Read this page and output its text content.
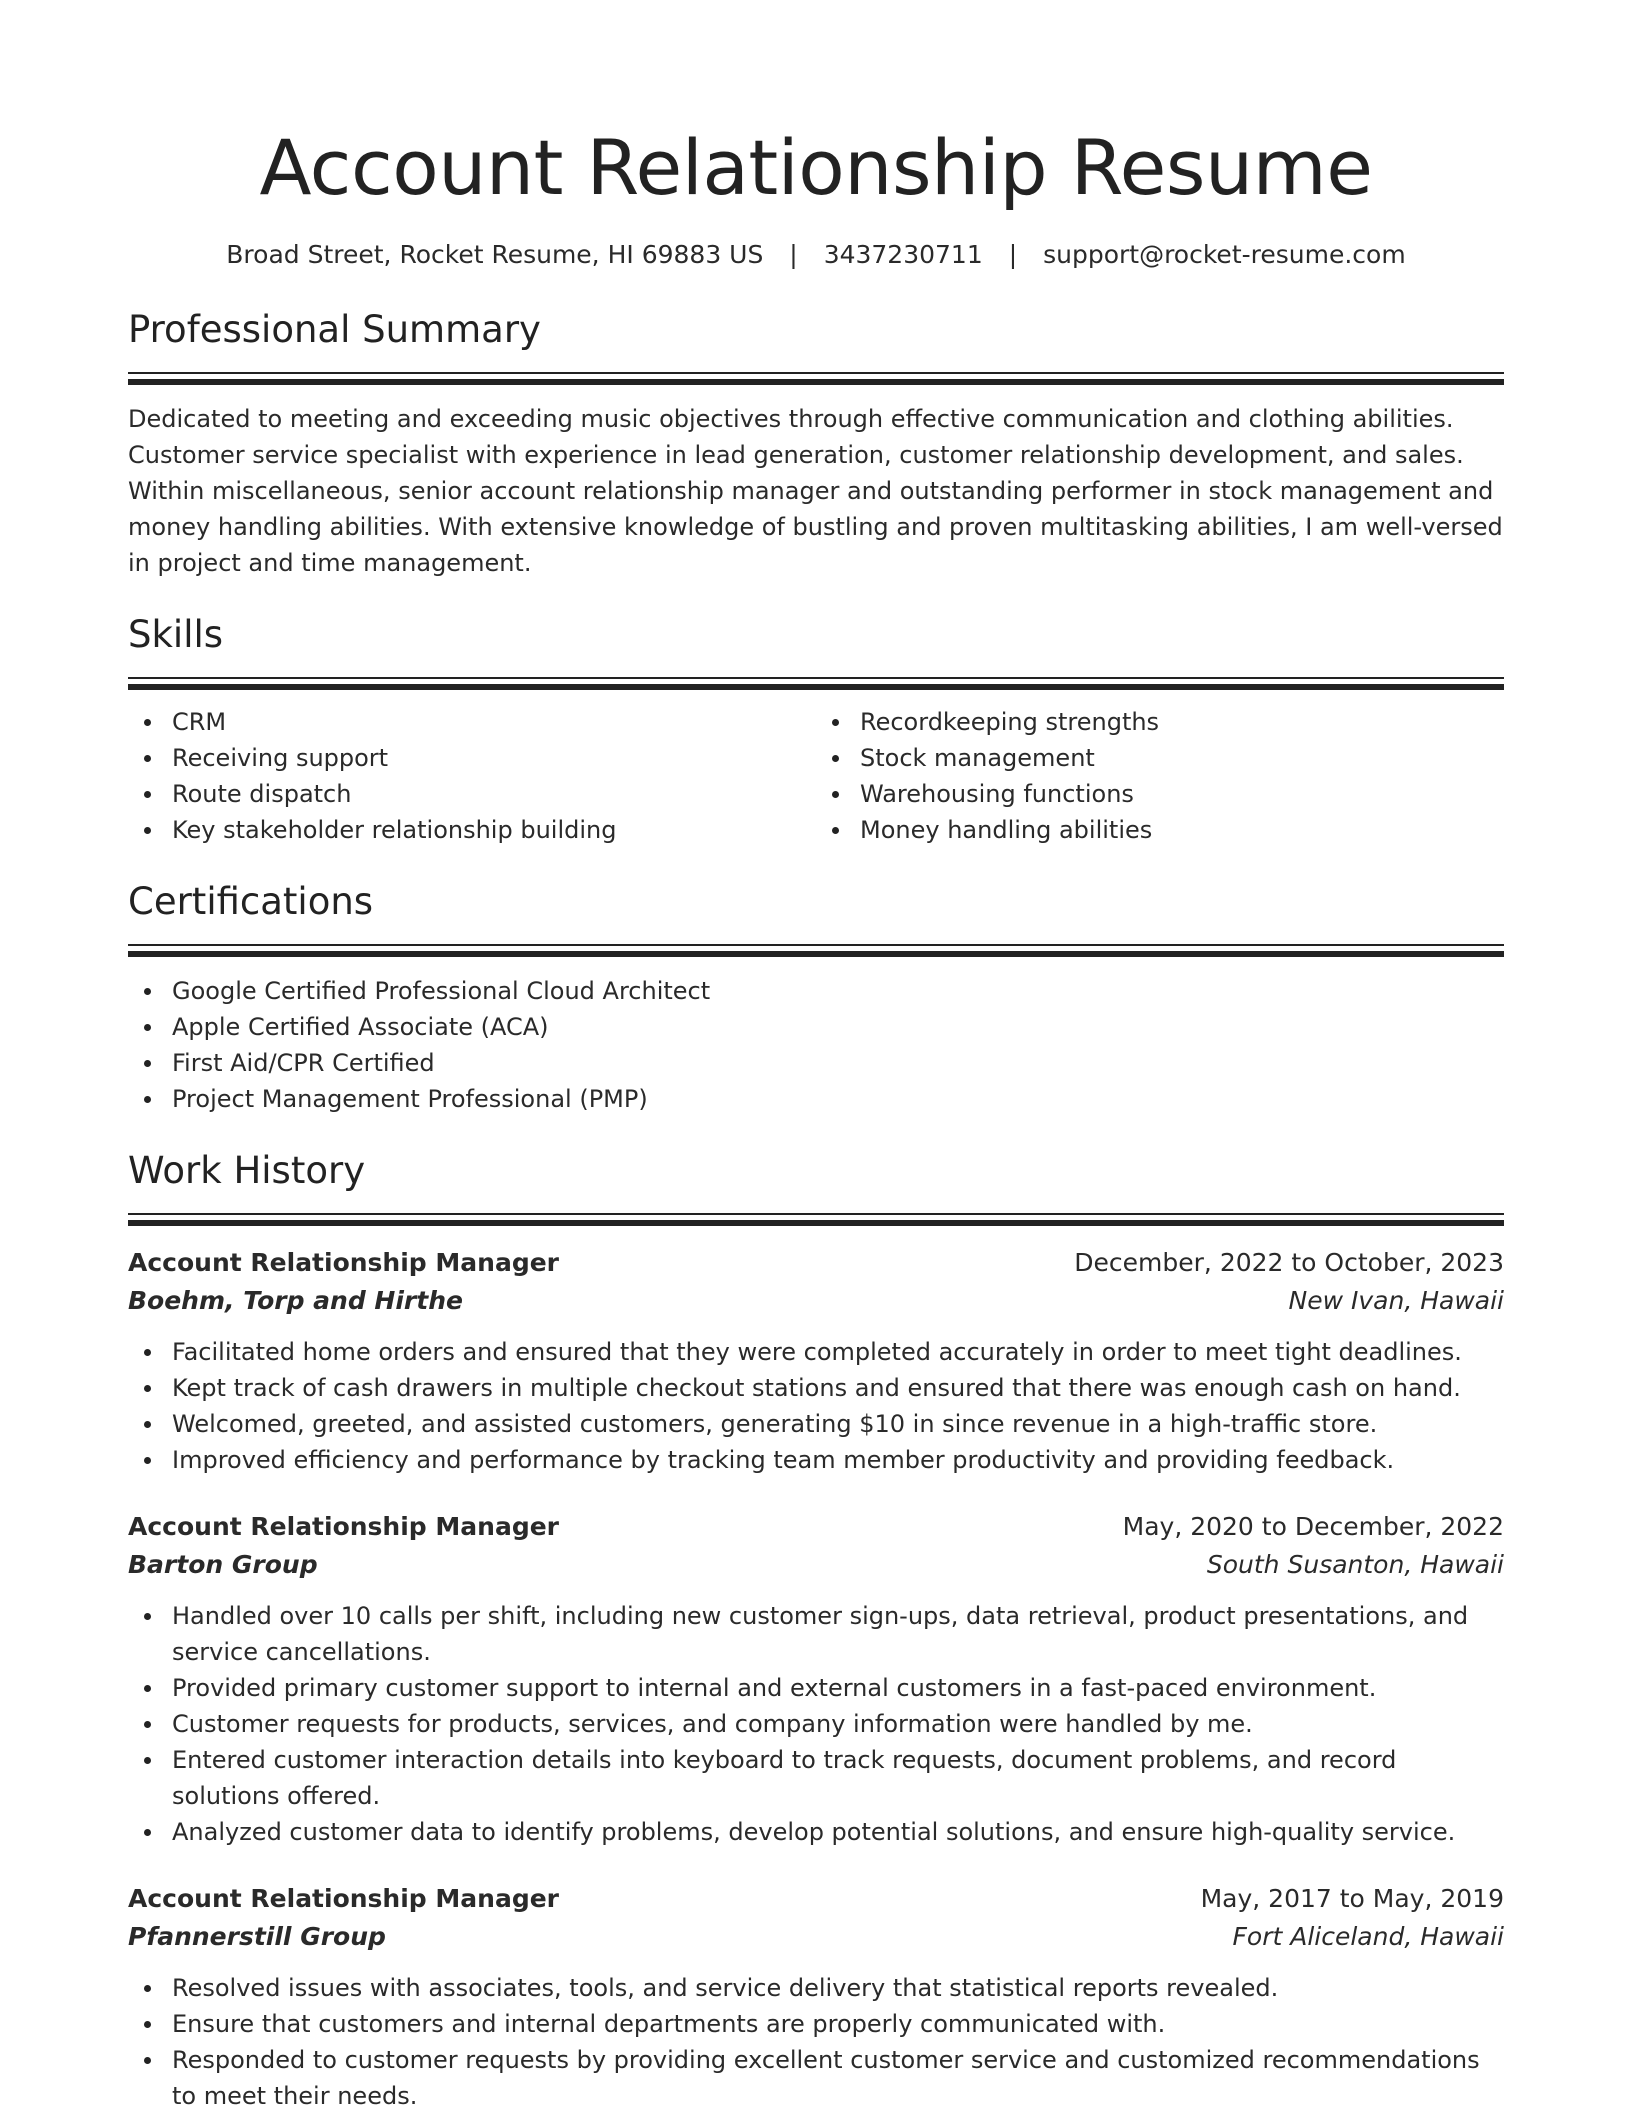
Account Relationship Resume
Broad Street, Rocket Resume, HI 69883 US | 3437230711 | support@rocket-resume.com
Professional Summary

Dedicated to meeting and exceeding music objectives through effective communication and clothing abilities. Customer service specialist with experience in lead generation, customer relationship development, and sales. Within miscellaneous, senior account relationship manager and outstanding performer in stock management and money handling abilities. With extensive knowledge of bustling and proven multitasking abilities, I am well-versed in project and time management.

Skills
CRM
Receiving support
Route dispatch
Key stakeholder relationship building
Recordkeeping strengths
Stock management
Warehousing functions
Money handling abilities
Certifications
Google Certified Professional Cloud Architect
Apple Certified Associate (ACA)
First Aid/CPR Certified
Project Management Professional (PMP)
Work History
Account Relationship Manager	December, 2022 to October, 2023
Boehm, Torp and Hirthe	New Ivan, Hawaii
Facilitated home orders and ensured that they were completed accurately in order to meet tight deadlines.
Kept track of cash drawers in multiple checkout stations and ensured that there was enough cash on hand.
Welcomed, greeted, and assisted customers, generating $10 in since revenue in a high-traffic store.
Improved efficiency and performance by tracking team member productivity and providing feedback.
Account Relationship Manager	May, 2020 to December, 2022
Barton Group	South Susanton, Hawaii
Handled over 10 calls per shift, including new customer sign-ups, data retrieval, product presentations, and service cancellations.
Provided primary customer support to internal and external customers in a fast-paced environment.
Customer requests for products, services, and company information were handled by me.
Entered customer interaction details into keyboard to track requests, document problems, and record solutions offered.
Analyzed customer data to identify problems, develop potential solutions, and ensure high-quality service.
Account Relationship Manager	May, 2017 to May, 2019
Pfannerstill Group	Fort Aliceland, Hawaii
Resolved issues with associates, tools, and service delivery that statistical reports revealed.
Ensure that customers and internal departments are properly communicated with.
Responded to customer requests by providing excellent customer service and customized recommendations to meet their needs.
